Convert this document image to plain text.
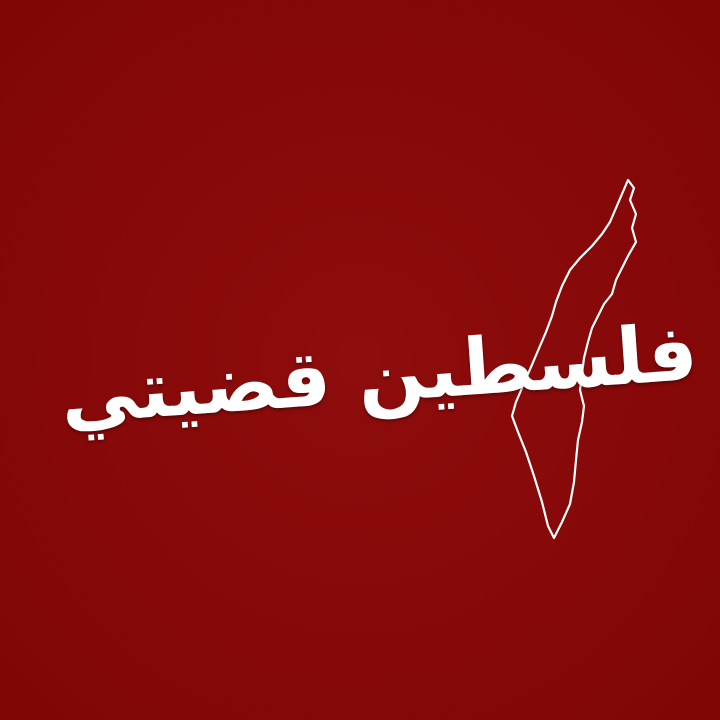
فلسطين قضيتي
